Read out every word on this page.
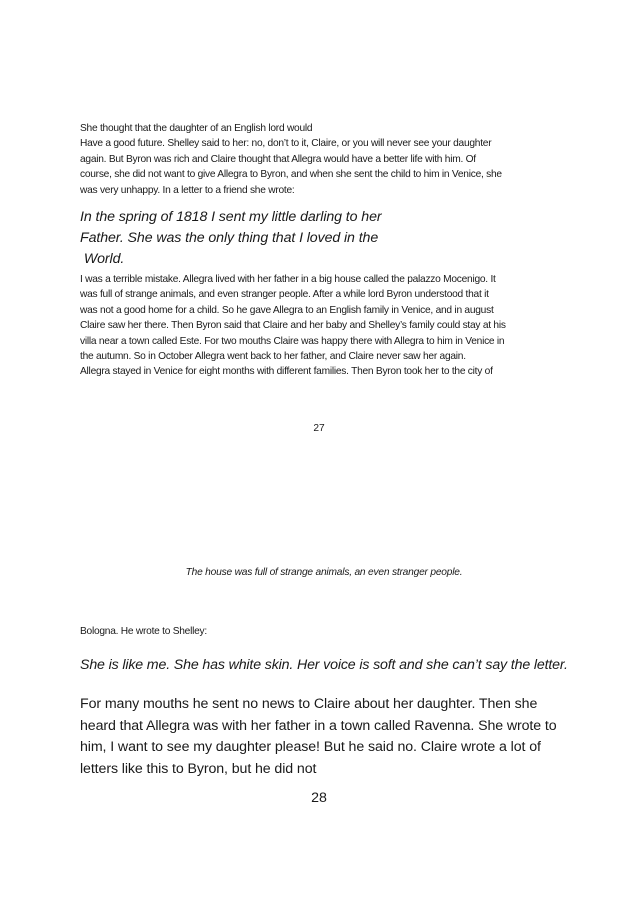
She thought that the daughter of an English lord would
Have a good future. Shelley said to her: no, don’t to it, Claire, or you will never see your daughter
again. But Byron was rich and Claire thought that Allegra would have a better life with him. Of
course, she did not want to give Allegra to Byron, and when she sent the child to him in Venice, she
was very unhappy. In a letter to a friend she wrote:
In the spring of 1818 I sent my little darling to her
Father. She was the only thing that I loved in the
World.
I was a terrible mistake. Allegra lived with her father in a big house called the palazzo Mocenigo. It
was full of strange animals, and even stranger people. After a while lord Byron understood that it
was not a good home for a child. So he gave Allegra to an English family in Venice, and in august
Claire saw her there. Then Byron said that Claire and her baby and Shelley’s family could stay at his
villa near a town called Este. For two mouths Claire was happy there with Allegra to him in Venice in
the autumn. So in October Allegra went back to her father, and Claire never saw her again.
Allegra stayed in Venice for eight months with different families. Then Byron took her to the city of

27

The house was full of strange animals, an even stranger people.

Bologna. He wrote to Shelley:
She is like me. She has white skin. Her voice is soft and she can’t say the letter.
For many mouths he sent no news to Claire about her daughter. Then she
heard that Allegra was with her father in a town called Ravenna. She wrote to
him, I want to see my daughter please! But he said no. Claire wrote a lot of
letters like this to Byron, but he did not

28
